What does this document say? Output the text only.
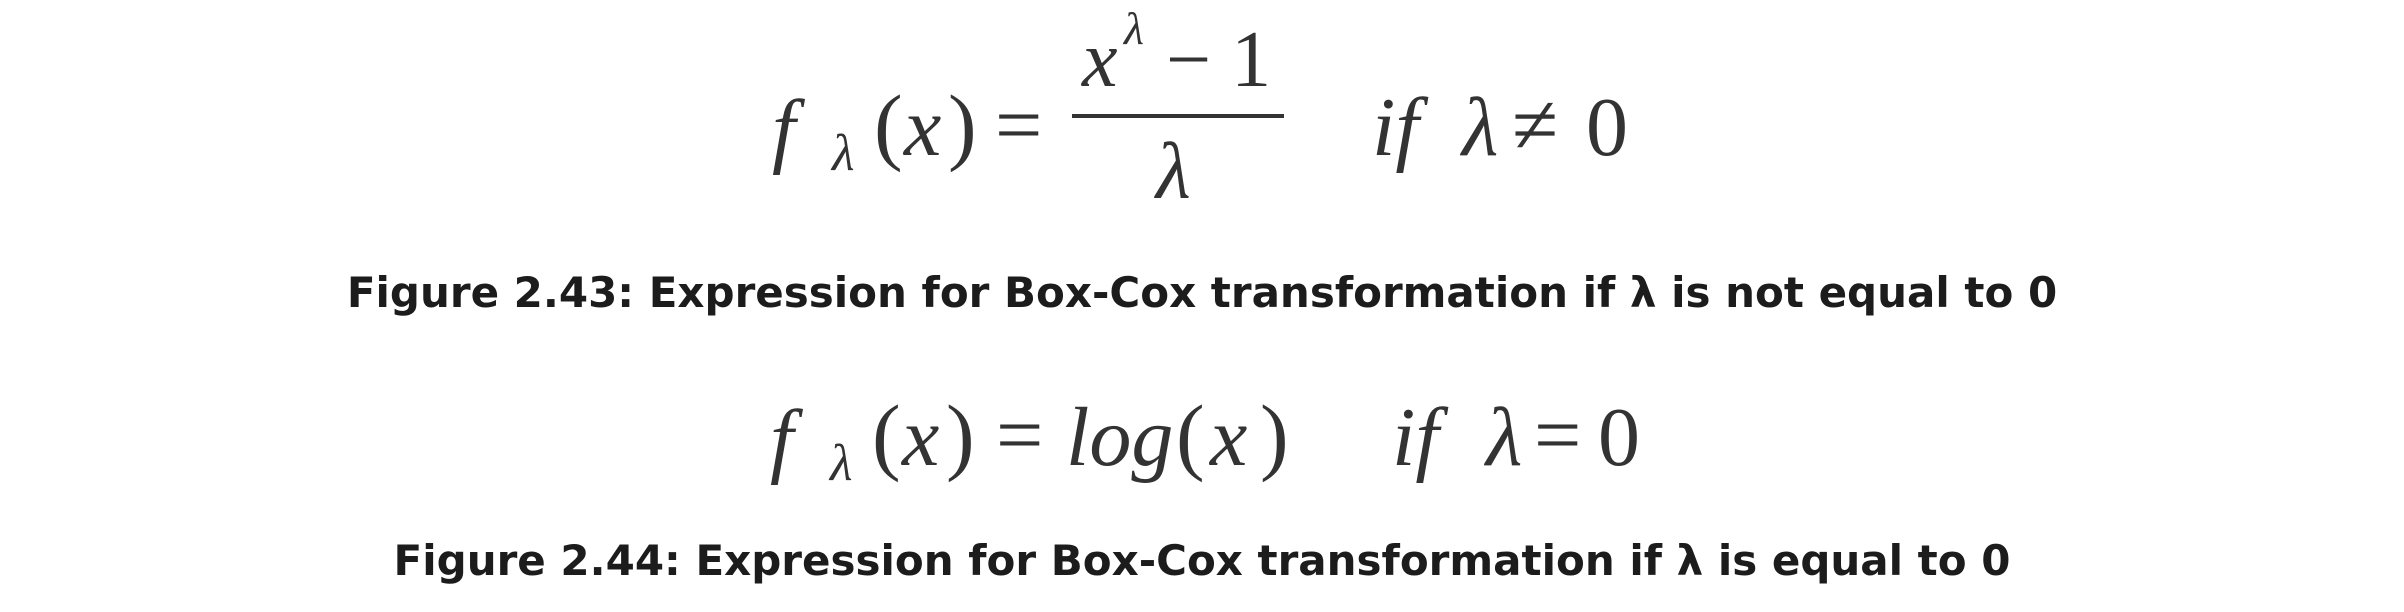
f λ ( x ) =
x λ − 1
λ if λ ≠ 0
Figure 2.43: Expression for Box-Cox transformation if λ is not equal to 0
f λ ( x ) = log ( x ) if λ = 0
Figure 2.44: Expression for Box-Cox transformation if λ is equal to 0
